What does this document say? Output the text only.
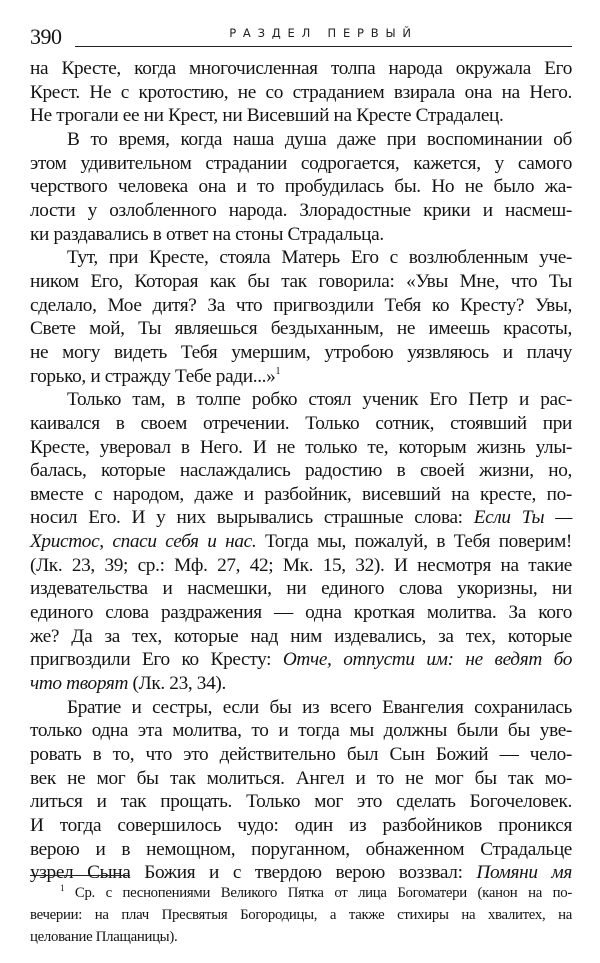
390	РАЗДЕЛ ПЕРВЫЙ

на Кресте, когда многочисленная толпа народа окружала Его
Крест. Не с кротостию, не со страданием взирала она на Него.
Не трогали ее ни Крест, ни Висевший на Кресте Страдалец.

В то время, когда наша душа даже при воспоминании об
этом удивительном страдании содрогается, кажется, у самого
черствого человека она и то пробудилась бы. Но не было жа-
лости у озлобленного народа. Злорадостные крики и насмеш-
ки раздавались в ответ на стоны Страдальца.

Тут, при Кресте, стояла Матерь Его с возлюбленным уче-
ником Его, Которая как бы так говорила: «Увы Мне, что Ты
сделало, Мое дитя? За что пригвоздили Тебя ко Кресту? Увы,
Свете мой, Ты являешься бездыханным, не имеешь красоты,
не могу видеть Тебя умершим, утробою уязвляюсь и плачу
горько, и стражду Тебе ради...»$^1$

Только там, в толпе робко стоял ученик Его Петр и рас-
каивался в своем отречении. Только сотник, стоявший при
Кресте, уверовал в Него. И не только те, которым жизнь улы-
балась, которые наслаждались радостию в своей жизни, но,
вместе с народом, даже и разбойник, висевший на кресте, по-
носил Его. И у них вырывались страшные слова: Если Ты —
Христос, спаси себя и нас. Тогда мы, пожалуй, в Тебя поверим!
(Лк. 23, 39; ср.: Мф. 27, 42; Мк. 15, 32). И несмотря на такие
издевательства и насмешки, ни единого слова укоризны, ни
единого слова раздражения — одна кроткая молитва. За кого
же? Да за тех, которые над ним издевались, за тех, которые
пригвоздили Его ко Кресту: Отче, отпусти им: не ведят бо
что творят (Лк. 23, 34).

Братие и сестры, если бы из всего Евангелия сохранилась
только одна эта молитва, то и тогда мы должны были бы уве-
ровать в то, что это действительно был Сын Божий — чело-
век не мог бы так молиться. Ангел и то не мог бы так мо-
литься и так прощать. Только мог это сделать Богочеловек.
И тогда совершилось чудо: один из разбойников проникся
верою и в немощном, поруганном, обнаженном Страдальце
узрел Сына Божия и с твердою верою воззвал: Помяни мя

$^1$ Ср. с песнопениями Великого Пятка от лица Богоматери (канон на по-
вечерии: на плач Пресвятыя Богородицы, а также стихиры на хвалитех, на
целование Плащаницы).
